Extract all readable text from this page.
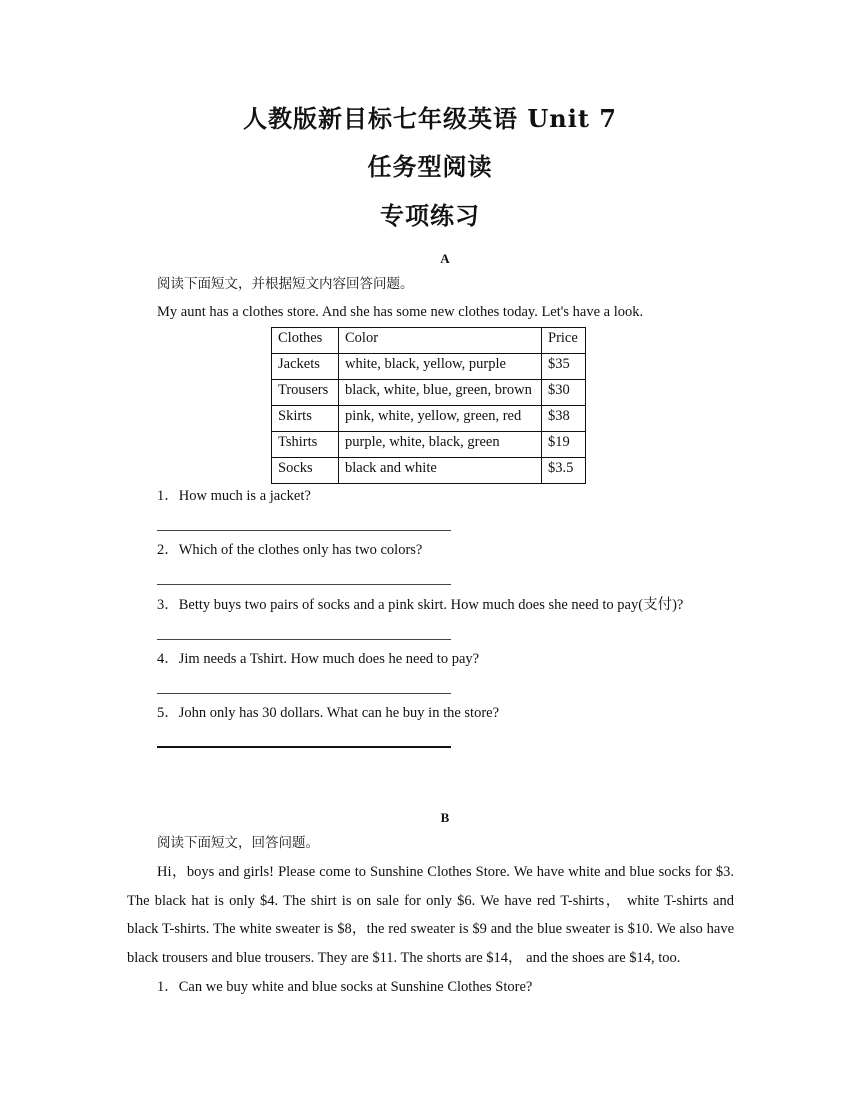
人教版新目标七年级英语 Unit 7
任务型阅读
专项练习
A
阅读下面短文，并根据短文内容回答问题。
My aunt has a clothes store. And she has some new clothes today. Let's have a look.
Clothes	Color	Price
Jackets	white, black, yellow, purple	$35
Trousers	black, white, blue, green, brown	$30
Skirts	pink, white, yellow, green, red	$38
Tshirts	purple, white, black, green	$19
Socks	black and white	$3.5
1．How much is a jacket?
2．Which of the clothes only has two colors?
3．Betty buys two pairs of socks and a pink skirt. How much does she need to pay(支付)?
4．Jim needs a Tshirt. How much does he need to pay?
5．John only has 30 dollars. What can he buy in the store?
B
阅读下面短文，回答问题。
Hi，boys and girls! Please come to Sunshine Clothes Store. We have white and blue socks for $3. The black hat is only $4. The shirt is on sale for only $6. We have red T-shirts， white T-shirts and black T-shirts. The white sweater is $8，the red sweater is $9 and the blue sweater is $10. We also have black trousers and blue trousers. They are $11. The shorts are $14， and the shoes are $14, too.
1．Can we buy white and blue socks at Sunshine Clothes Store?
